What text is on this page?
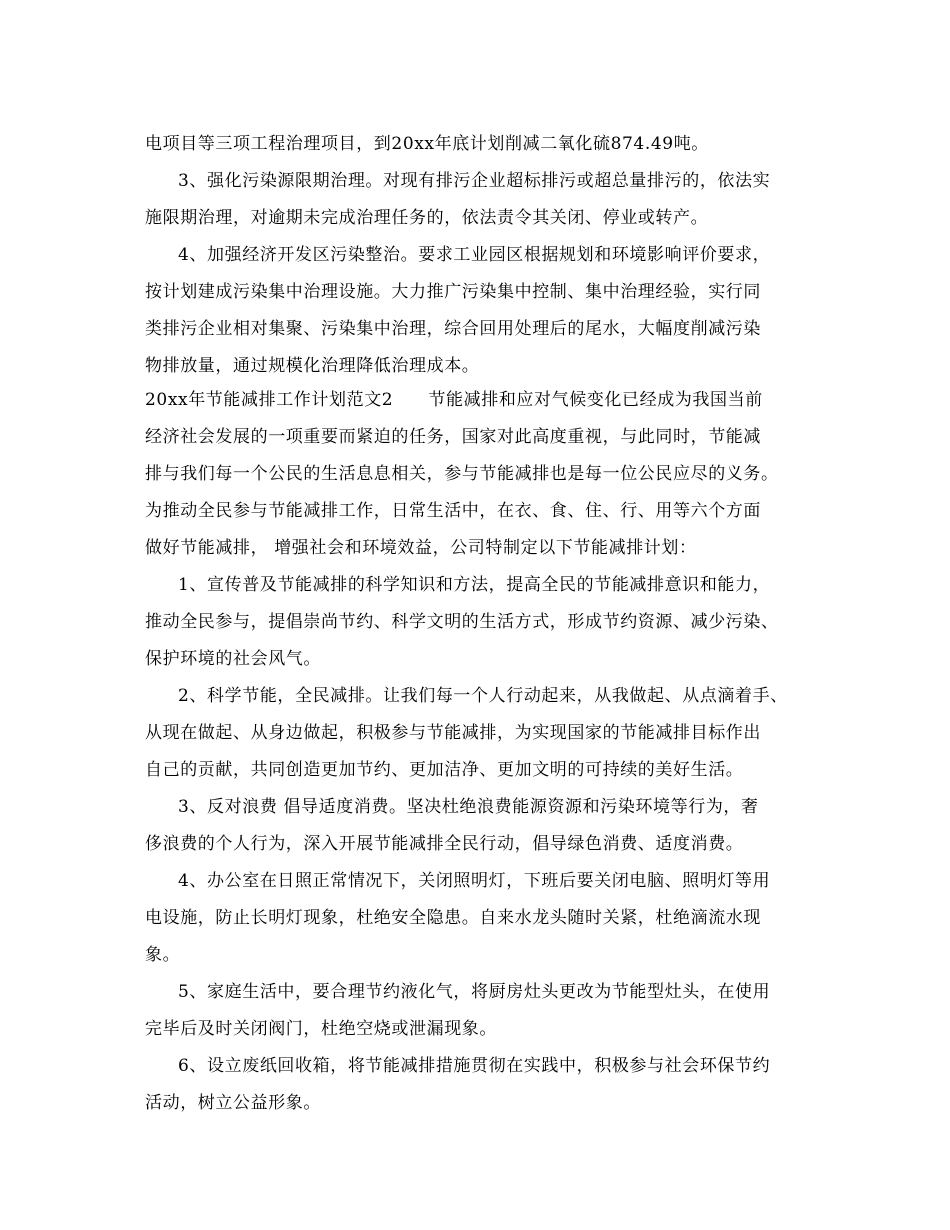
电项目等三项工程治理项目，到20xx年底计划削减二氧化硫874.49吨。
3、强化污染源限期治理。对现有排污企业超标排污或超总量排污的，依法实
施限期治理，对逾期未完成治理任务的，依法责令其关闭、停业或转产。
4、加强经济开发区污染整治。要求工业园区根据规划和环境影响评价要求，
按计划建成污染集中治理设施。大力推广污染集中控制、集中治理经验，实行同
类排污企业相对集聚、污染集中治理，综合回用处理后的尾水，大幅度削减污染
物排放量，通过规模化治理降低治理成本。
20xx年节能减排工作计划范文2　　节能减排和应对气候变化已经成为我国当前
经济社会发展的一项重要而紧迫的任务，国家对此高度重视，与此同时，节能减
排与我们每一个公民的生活息息相关，参与节能减排也是每一位公民应尽的义务。
为推动全民参与节能减排工作，日常生活中，在衣、食、住、行、用等六个方面
做好节能减排， 增强社会和环境效益，公司特制定以下节能减排计划：
1、宣传普及节能减排的科学知识和方法，提高全民的节能减排意识和能力，
推动全民参与，提倡崇尚节约、科学文明的生活方式，形成节约资源、减少污染、
保护环境的社会风气。
2、科学节能，全民减排。让我们每一个人行动起来，从我做起、从点滴着手、
从现在做起、从身边做起，积极参与节能减排，为实现国家的节能减排目标作出
自己的贡献，共同创造更加节约、更加洁净、更加文明的可持续的美好生活。
3、反对浪费 倡导适度消费。坚决杜绝浪费能源资源和污染环境等行为，奢
侈浪费的个人行为，深入开展节能减排全民行动，倡导绿色消费、适度消费。
4、办公室在日照正常情况下，关闭照明灯，下班后要关闭电脑、照明灯等用
电设施，防止长明灯现象，杜绝安全隐患。自来水龙头随时关紧，杜绝滴流水现
象。
5、家庭生活中，要合理节约液化气，将厨房灶头更改为节能型灶头，在使用
完毕后及时关闭阀门，杜绝空烧或泄漏现象。
6、设立废纸回收箱，将节能减排措施贯彻在实践中，积极参与社会环保节约
活动，树立公益形象。
